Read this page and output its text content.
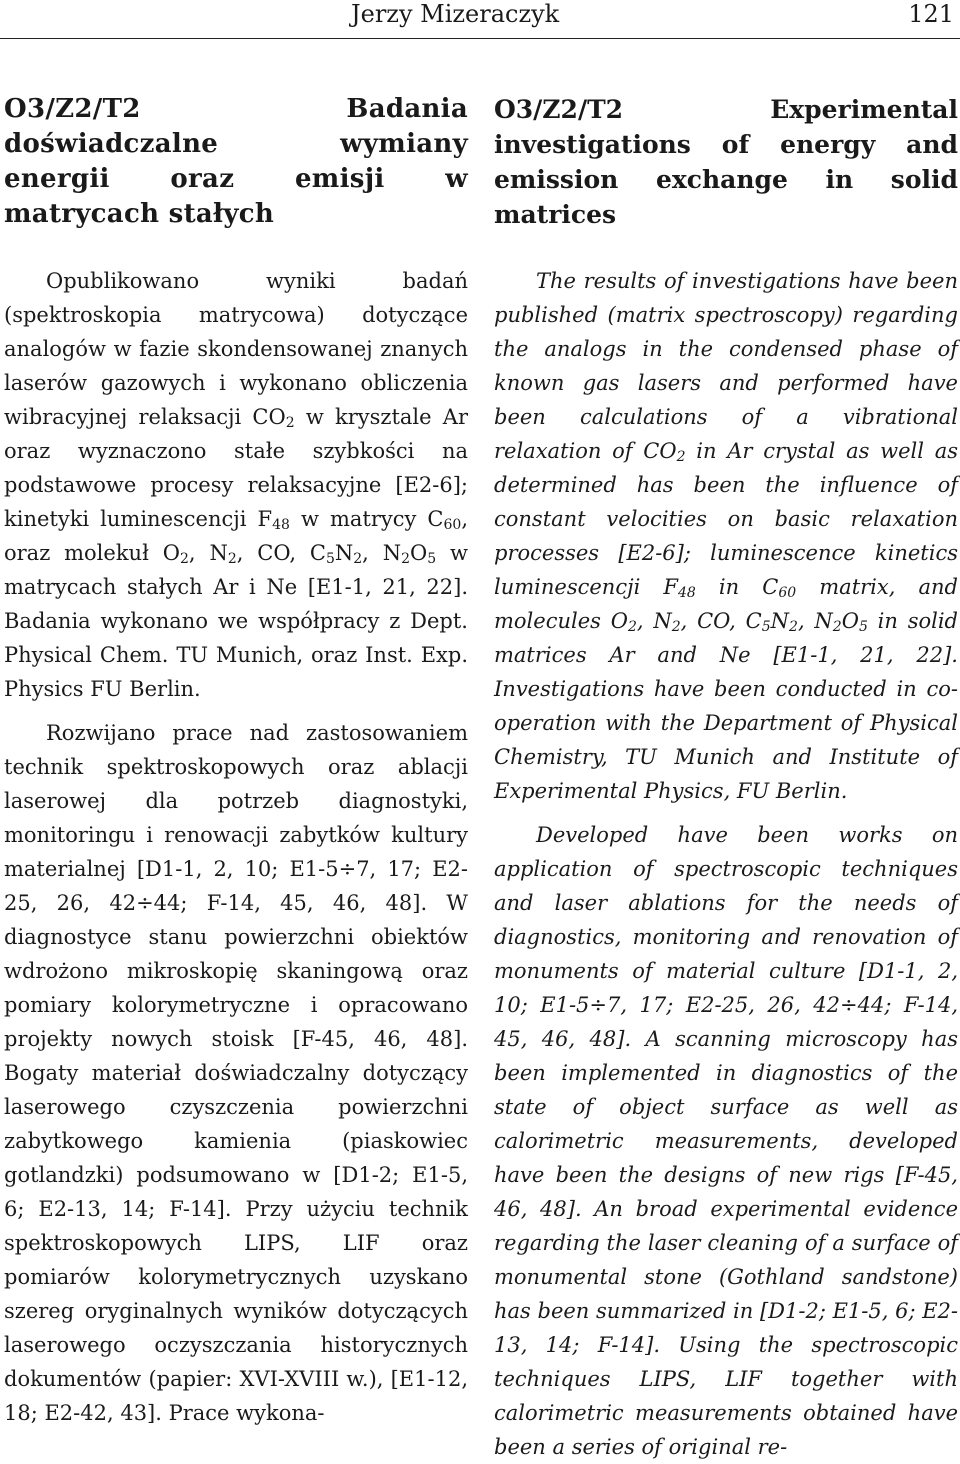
Jerzy Mizeraczyk	121
O3/Z2/T2 Badania doświadczalne wymiany energii oraz emisji w matrycach stałych

Opublikowano wyniki badań (spektroskopia matrycowa) dotyczące analogów w fazie skondensowanej znanych laserów gazowych i wykonano obliczenia wibracyjnej relaksacji $CO_2$ w krysztale Ar oraz wyznaczono stałe szybkości na podstawowe procesy relaksacyjne [E2-6]; kinetyki luminescencji $F_{48}$ w matrycy $C_{60}$, oraz molekuł $O_2$, $N_2$, CO, $C_5N_2$, $N_2O_5$ w matrycach stałych Ar i Ne [E1-1, 21, 22]. Badania wykonano we współpracy z Dept. Physical Chem. TU Munich, oraz Inst. Exp. Physics FU Berlin.

Rozwijano prace nad zastosowaniem technik spektroskopowych oraz ablacji laserowej dla potrzeb diagnostyki, monitoringu i renowacji zabytków kultury materialnej [D1-1, 2, 10; E1-5÷7, 17; E2-25, 26, 42÷44; F-14, 45, 46, 48]. W diagnostyce stanu powierzchni obiektów wdrożono mikroskopię skaningową oraz pomiary kolorymetryczne i opracowano projekty nowych stoisk [F-45, 46, 48]. Bogaty materiał doświadczalny dotyczący laserowego czyszczenia powierzchni zabytkowego kamienia (piaskowiec gotlandzki) podsumowano w [D1-2; E1-5, 6; E2-13, 14; F-14]. Przy użyciu technik spektroskopowych LIPS, LIF oraz pomiarów kolorymetrycznych uzyskano szereg oryginalnych wyników dotyczących laserowego oczyszczania historycznych dokumentów (papier: XVI-XVIII w.), [E1-12, 18; E2-42, 43]. Prace wykona-

O3/Z2/T2 Experimental investigations of energy and emission exchange in solid matrices

The results of investigations have been published (matrix spectroscopy) regarding the analogs in the condensed phase of known gas lasers and performed have been calculations of a vibrational relaxation of $CO_2$ in Ar crystal as well as determined has been the influence of constant velocities on basic relaxation processes [E2-6]; luminescence kinetics luminescencji $F_{48}$ in $C_{60}$ matrix, and molecules $O_2$, $N_2$, CO, $C_5N_2$, $N_2O_5$ in solid matrices Ar and Ne [E1-1, 21, 22]. Investigations have been conducted in co-operation with the Department of Physical Chemistry, TU Munich and Institute of Experimental Physics, FU Berlin.

Developed have been works on application of spectroscopic techniques and laser ablations for the needs of diagnostics, monitoring and renovation of monuments of material culture [D1-1, 2, 10; E1-5÷7, 17; E2-25, 26, 42÷44; F-14, 45, 46, 48]. A scanning microscopy has been implemented in diagnostics of the state of object surface as well as calorimetric measurements, developed have been the designs of new rigs [F-45, 46, 48]. An broad experimental evidence regarding the laser cleaning of a surface of monumental stone (Gothland sandstone) has been summarized in [D1-2; E1-5, 6; E2-13, 14; F-14]. Using the spectroscopic techniques LIPS, LIF together with calorimetric measurements obtained have been a series of original re-
